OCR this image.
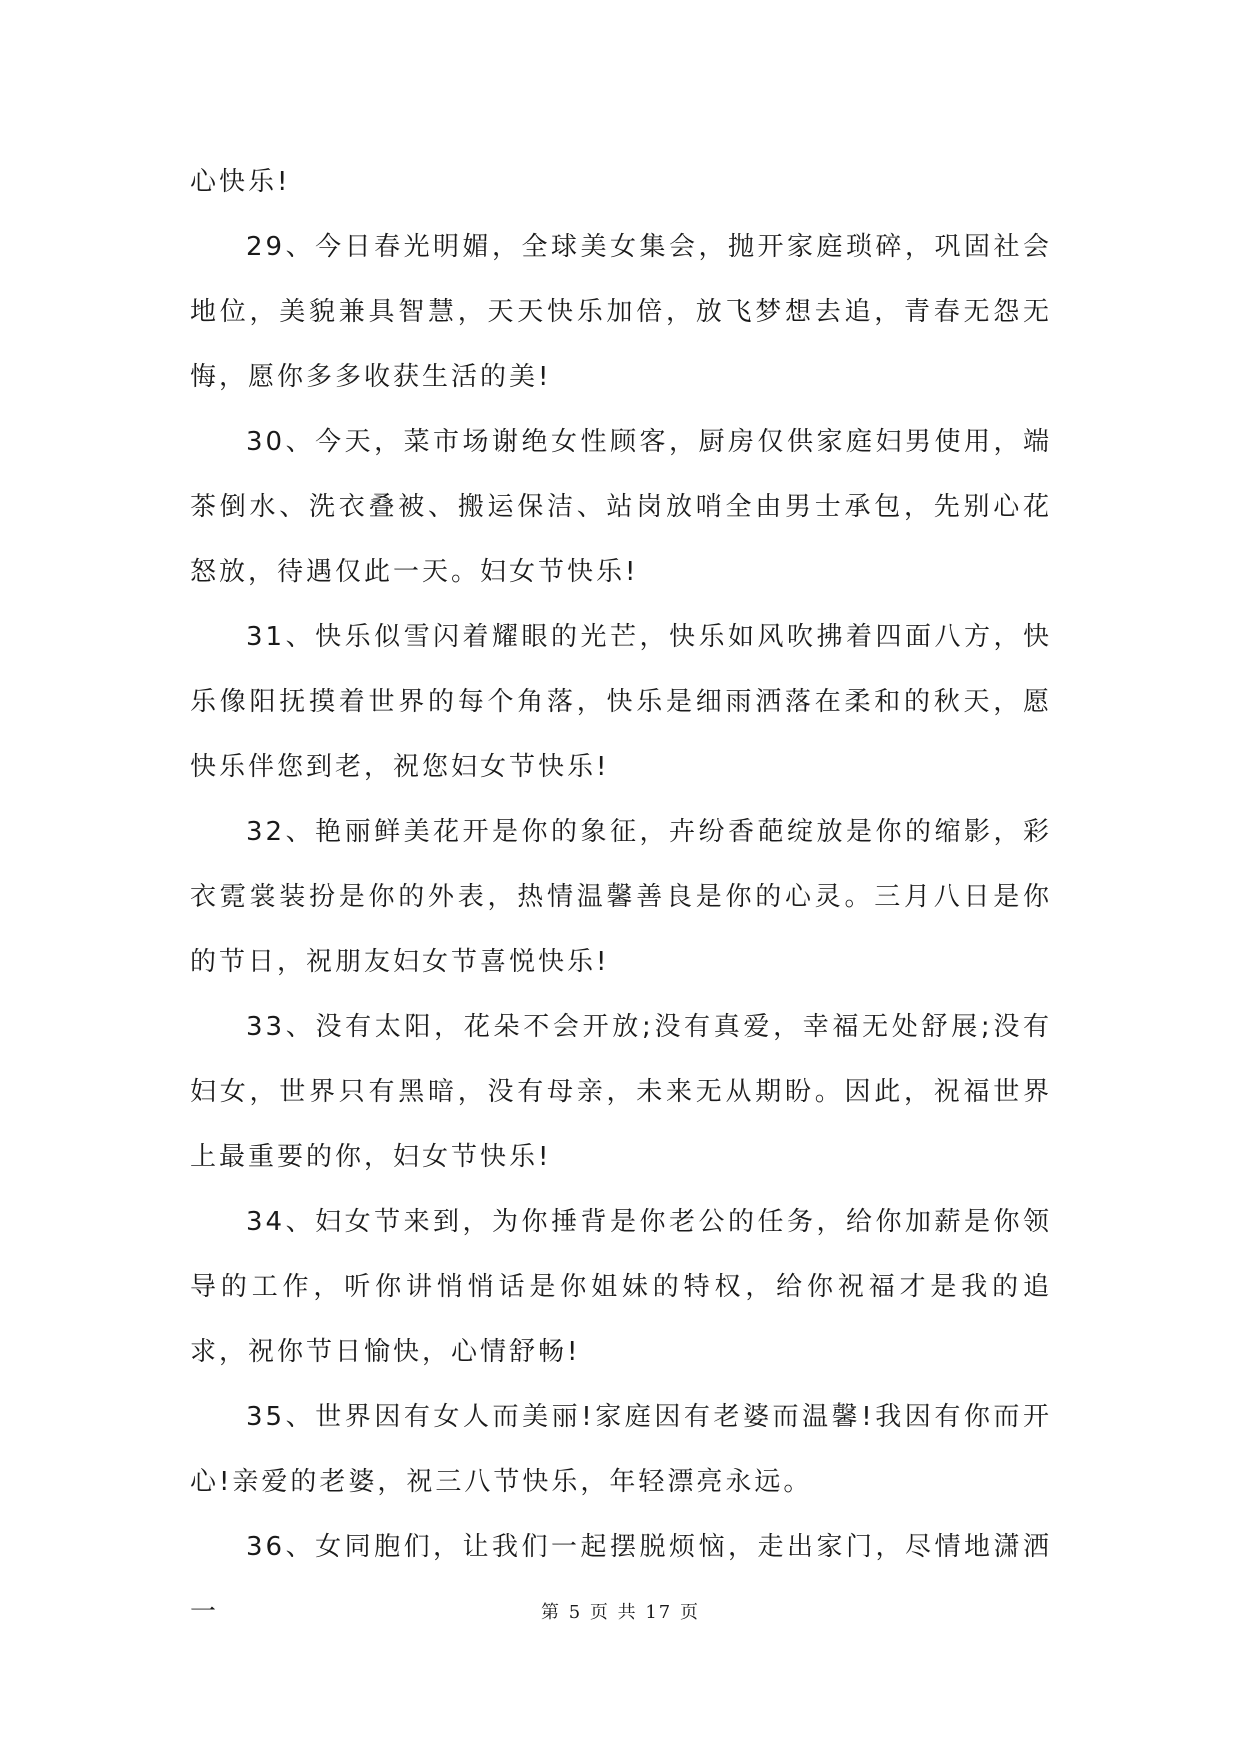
心快乐!

29、今日春光明媚，全球美女集会，抛开家庭琐碎，巩固社会地位，美貌兼具智慧，天天快乐加倍，放飞梦想去追，青春无怨无悔，愿你多多收获生活的美!

30、今天，菜市场谢绝女性顾客，厨房仅供家庭妇男使用，端茶倒水、洗衣叠被、搬运保洁、站岗放哨全由男士承包，先别心花怒放，待遇仅此一天。妇女节快乐!

31、快乐似雪闪着耀眼的光芒，快乐如风吹拂着四面八方，快乐像阳抚摸着世界的每个角落，快乐是细雨洒落在柔和的秋天，愿快乐伴您到老，祝您妇女节快乐!

32、艳丽鲜美花开是你的象征，卉纷香葩绽放是你的缩影，彩衣霓裳装扮是你的外表，热情温馨善良是你的心灵。三月八日是你的节日，祝朋友妇女节喜悦快乐!

33、没有太阳，花朵不会开放;没有真爱，幸福无处舒展;没有妇女，世界只有黑暗，没有母亲，未来无从期盼。因此，祝福世界上最重要的你，妇女节快乐!

34、妇女节来到，为你捶背是你老公的任务，给你加薪是你领导的工作，听你讲悄悄话是你姐妹的特权，给你祝福才是我的追求，祝你节日愉快，心情舒畅!

35、世界因有女人而美丽!家庭因有老婆而温馨!我因有你而开心!亲爱的老婆，祝三八节快乐，年轻漂亮永远。

36、女同胞们，让我们一起摆脱烦恼，走出家门，尽情地潇洒一	第 5 页 共 17 页
